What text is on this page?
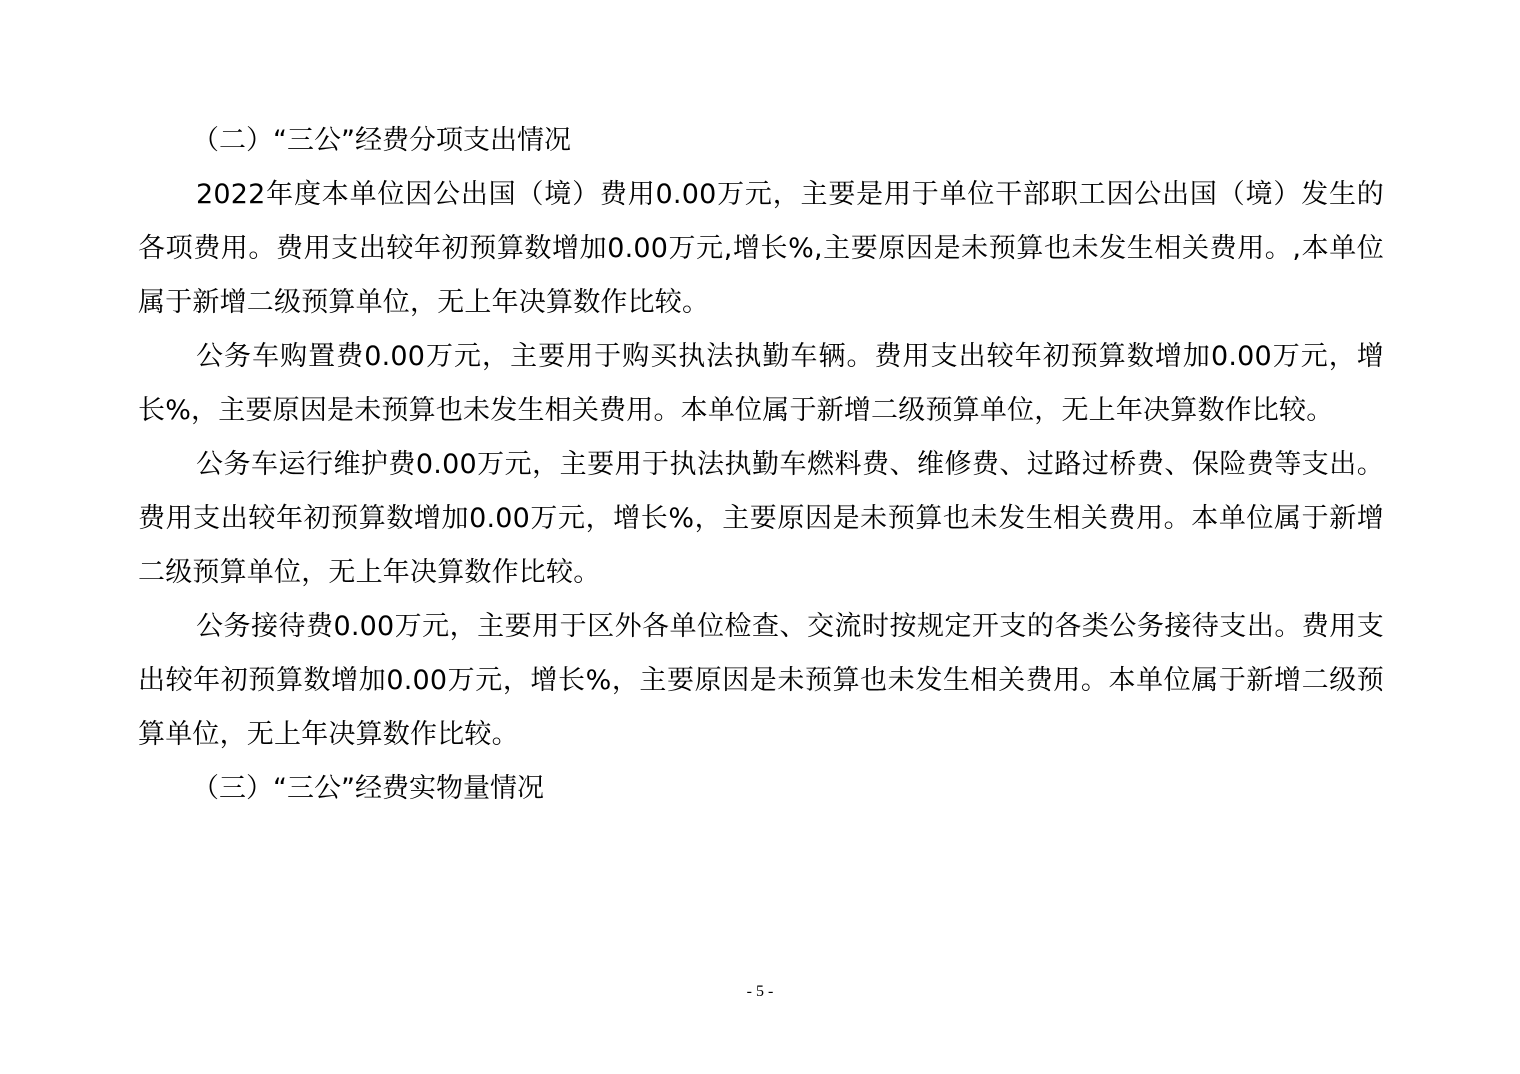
（二）“三公”经费分项支出情况

2022年度本单位因公出国（境）费用0.00万元，主要是用于单位干部职工因公出国（境）发生的各项费用。费用支出较年初预算数增加0.00万元,增长%,主要原因是未预算也未发生相关费用。,本单位属于新增二级预算单位，无上年决算数作比较。

公务车购置费0.00万元，主要用于购买执法执勤车辆。费用支出较年初预算数增加0.00万元，增长%，主要原因是未预算也未发生相关费用。本单位属于新增二级预算单位，无上年决算数作比较。

公务车运行维护费0.00万元，主要用于执法执勤车燃料费、维修费、过路过桥费、保险费等支出。费用支出较年初预算数增加0.00万元，增长%，主要原因是未预算也未发生相关费用。本单位属于新增二级预算单位，无上年决算数作比较。

公务接待费0.00万元，主要用于区外各单位检查、交流时按规定开支的各类公务接待支出。费用支出较年初预算数增加0.00万元，增长%，主要原因是未预算也未发生相关费用。本单位属于新增二级预算单位，无上年决算数作比较。

（三）“三公”经费实物量情况

- 5 -
